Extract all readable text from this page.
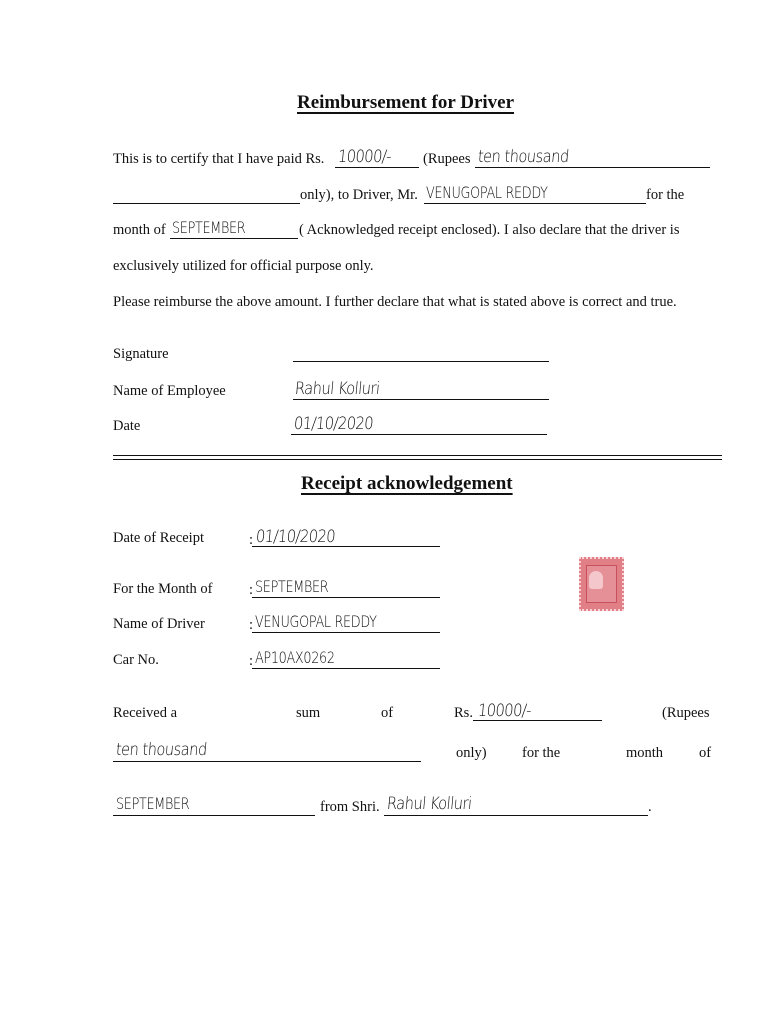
Reimbursement for Driver
This is to certify that I have paid Rs. 10000/- (Rupees ten thousand
only), to Driver, Mr. VENUGOPAL REDDY	for the
month of SEPTEMBER	( Acknowledged receipt enclosed). I also declare that the driver is
exclusively utilized for official purpose only.
Please reimburse the above amount. I further declare that what is stated above is correct and true.
Signature
Name of Employee	Rahul Kolluri
Date	01/10/2020
Receipt acknowledgement
Date of Receipt	: 01/10/2020
For the Month of	: SEPTEMBER
Name of Driver	: VENUGOPAL REDDY
Car No.	: AP10AX0262
Received a	sum	of	Rs. 10000/-	(Rupees
ten thousand	only) for the	month of
SEPTEMBER	from Shri. Rahul Kolluri	.
